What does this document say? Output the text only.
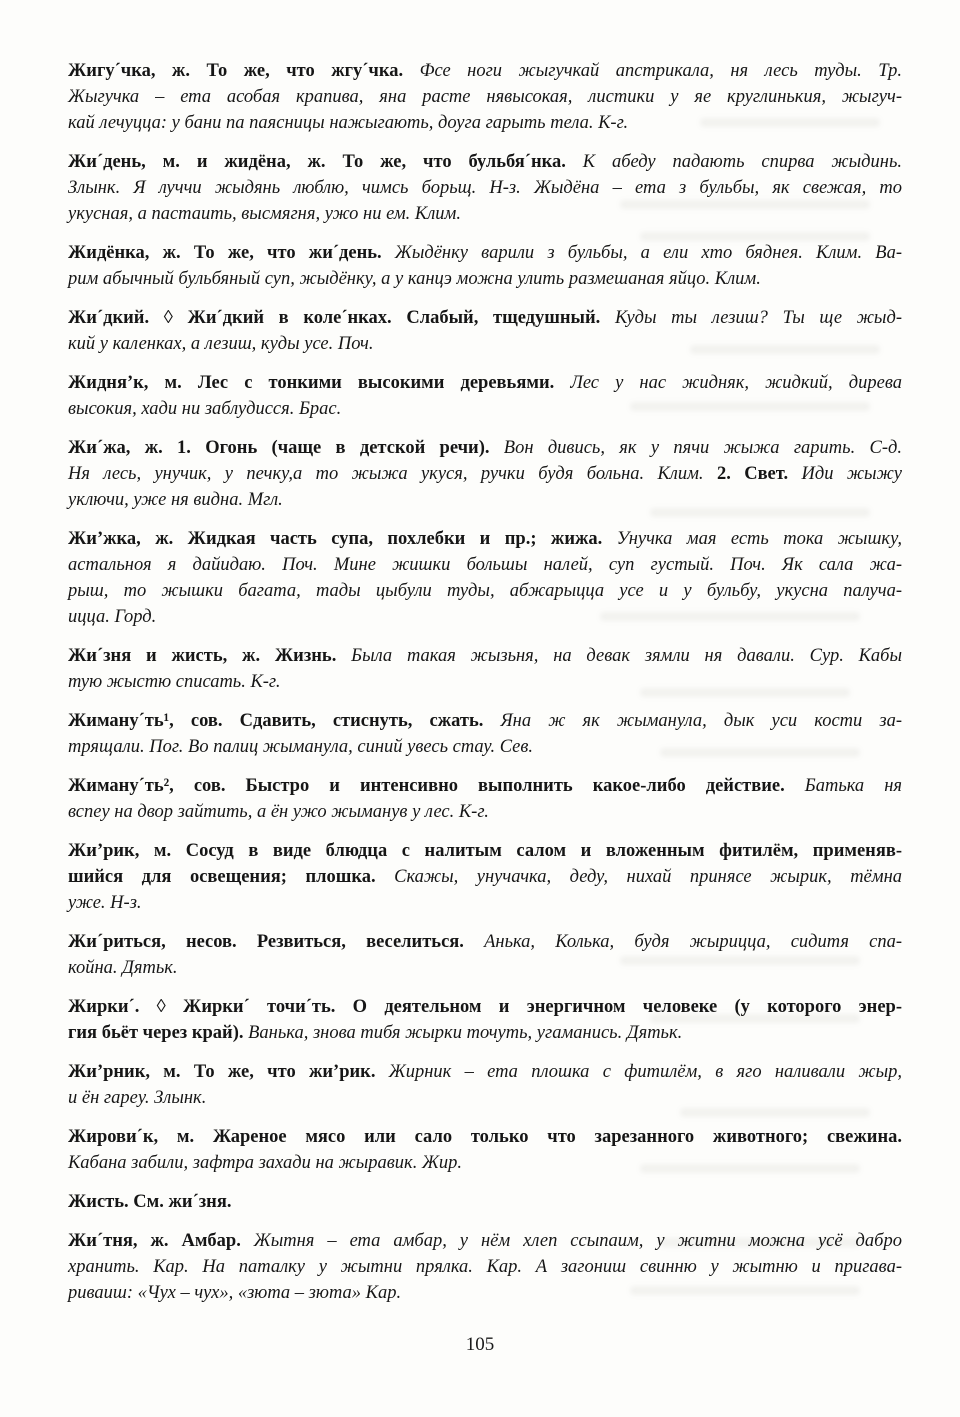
Жигу´чка, ж. То же, что жгу´чка. Фсе ноги жыгучкай апстрикала, ня лесь туды. Тр.
Жыгучка – ета асобая крапива, яна расте нявысокая, листики у яе круглинькия, жыгуч-
кай лечуцца: у бани па паясницы нажыгають, доуга гарыть тела. К-г.
Жи´день, м. и жидёна, ж. То же, что бульбя´нка. К абеду падають спирва жыдинь.
Злынк. Я луччи жыдянь люблю, чимсь борьщ. Н-з. Жыдёна – ета з бульбы, як свежая, то
укусная, а пастаить, высмягня, ужо ни ем. Клим.
Жидёнка, ж. То же, что жи´день. Жыдёнку варили з бульбы, а ели хто бяднея. Клим. Ва-
рим абычный бульбяный суп, жыдёнку, а у канцэ можна улить размешаная яйцо. Клим.
Жи´дкий. ◊ Жи´дкий в коле´нках. Слабый, тщедушный. Куды ты лезиш? Ты ще жыд-
кий у каленках, а лезиш, куды усе. Поч.
Жидня’к, м. Лес с тонкими высокими деревьями. Лес у нас жидняк, жидкий, дирева
высокия, хади ни заблудисся. Брас.
Жи´жа, ж. 1. Огонь (чаще в детской речи). Вон дивись, як у пячи жыжа гарить. С-д.
Ня лесь, унучик, у печку,а то жыжа укуся, ручки будя больна. Клим. 2. Свет. Иди жыжу
уключи, уже ня видна. Мгл.
Жи’жка, ж. Жидкая часть супа, похлебки и пр.; жижа. Унучка мая есть тока жышку,
астальноя я дайидаю. Поч. Мине жишки большы налей, суп густый. Поч. Як сала жа-
рыш, то жышки багата, тады цыбули туды, абжарыцца усе и у бульбу, укусна палуча-
ицца. Горд.
Жи´зня и жисть, ж. Жизнь. Была такая жызьня, на девак зямли ня давали. Сур. Кабы
тую жыстю списать. К-г.
Жиману´ть¹, сов. Сдавить, стиснуть, сжать. Яна ж як жыманула, дык уси кости за-
трящали. Пог. Во палиц жыманула, синий увесь стау. Сев.
Жиману´ть², сов. Быстро и интенсивно выполнить какое-либо действие. Батька ня
вспеу на двор зайтить, а ён ужо жыманув у лес. К-г.
Жи’рик, м. Сосуд в виде блюдца с налитым салом и вложенным фитилём, применяв-
шийся для освещения; плошка. Скажы, унучачка, деду, нихай принясе жырик, тёмна
уже. Н-з.
Жи´риться, несов. Резвиться, веселиться. Анька, Колька, будя жырицца, сидитя спа-
койна. Дятьк.
Жирки´. ◊ Жирки´ точи´ть. О деятельном и энергичном человеке (у которого энер-
гия бьёт через край). Ванька, знова тибя жырки точуть, угаманись. Дятьк.
Жи’рник, м. То же, что жи’рик. Жирник – ета плошка с фитилём, в яго наливали жыр,
и ён гареу. Злынк.
Жирови´к, м. Жареное мясо или сало только что зарезанного животного; свежина.
Кабана забили, зафтра захади на жыравик. Жир.
Жисть. См. жи´зня.
Жи´тня, ж. Амбар. Жытня – ета амбар, у нём хлеп ссыпаим, у житни можна усё дабро
хранить. Кар. На паталку у жытни прялка. Кар. А загониш свинню у жытню и пригава-
риваиш: «Чух – чух», «зюта – зюта» Кар.
105
